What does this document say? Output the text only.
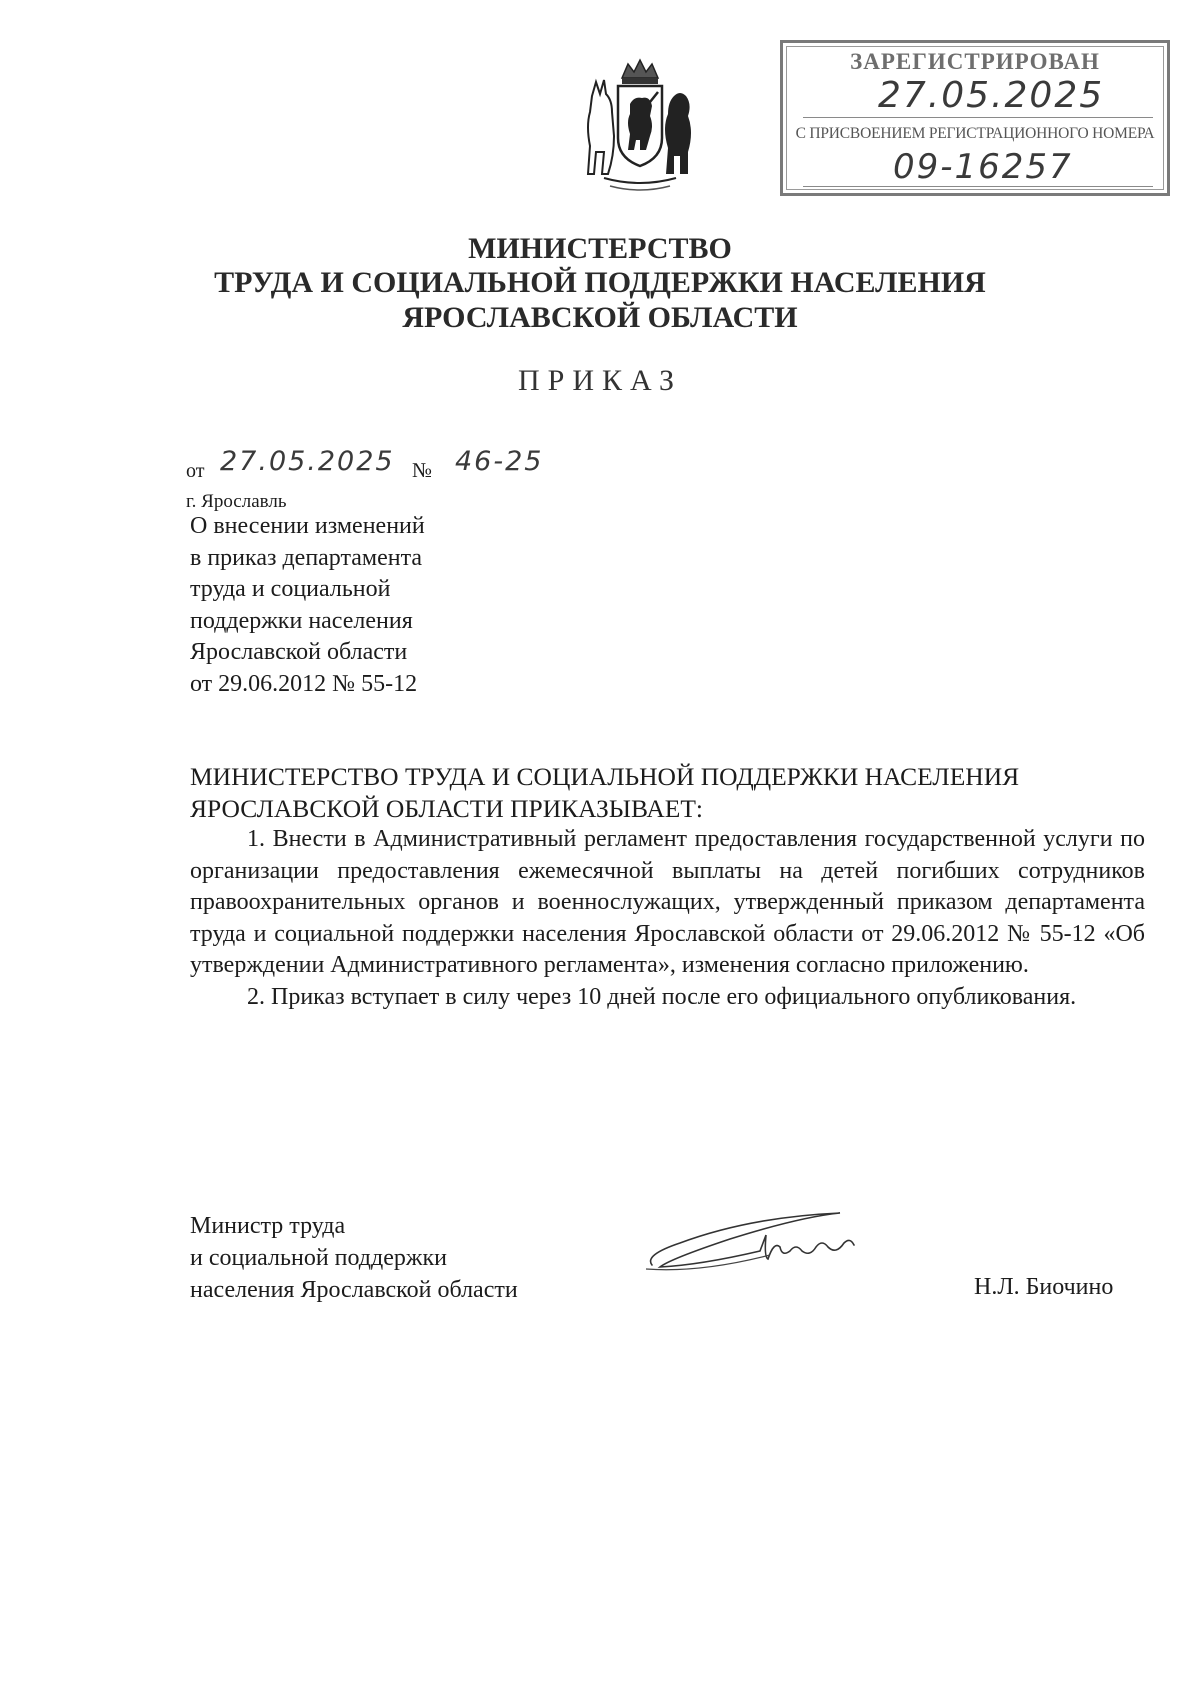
ЗАРЕГИСТРИРОВАН
27.05.2025
С ПРИСВОЕНИЕМ РЕГИСТРАЦИОННОГО НОМЕРА
09-16257
МИНИСТЕРСТВО
ТРУДА И СОЦИАЛЬНОЙ ПОДДЕРЖКИ НАСЕЛЕНИЯ
ЯРОСЛАВСКОЙ ОБЛАСТИ
ПРИКАЗ
от 27.05.2025 № 46-25
г. Ярославль
О внесении изменений
в приказ департамента
труда и социальной
поддержки населения
Ярославской области
от 29.06.2012 № 55-12
МИНИСТЕРСТВО ТРУДА И СОЦИАЛЬНОЙ ПОДДЕРЖКИ НАСЕЛЕНИЯ ЯРОСЛАВСКОЙ ОБЛАСТИ ПРИКАЗЫВАЕТ:

1. Внести в Административный регламент предоставления государственной услуги по организации предоставления ежемесячной выплаты на детей погибших сотрудников правоохранительных органов и военнослужащих, утвержденный приказом департамента труда и социальной поддержки населения Ярославской области от 29.06.2012 № 55-12 «Об утверждении Административного регламента», изменения согласно приложению.

2. Приказ вступает в силу через 10 дней после его официального опубликования.

Министр труда
и социальной поддержки
населения Ярославской области	Н.Л. Биочино
